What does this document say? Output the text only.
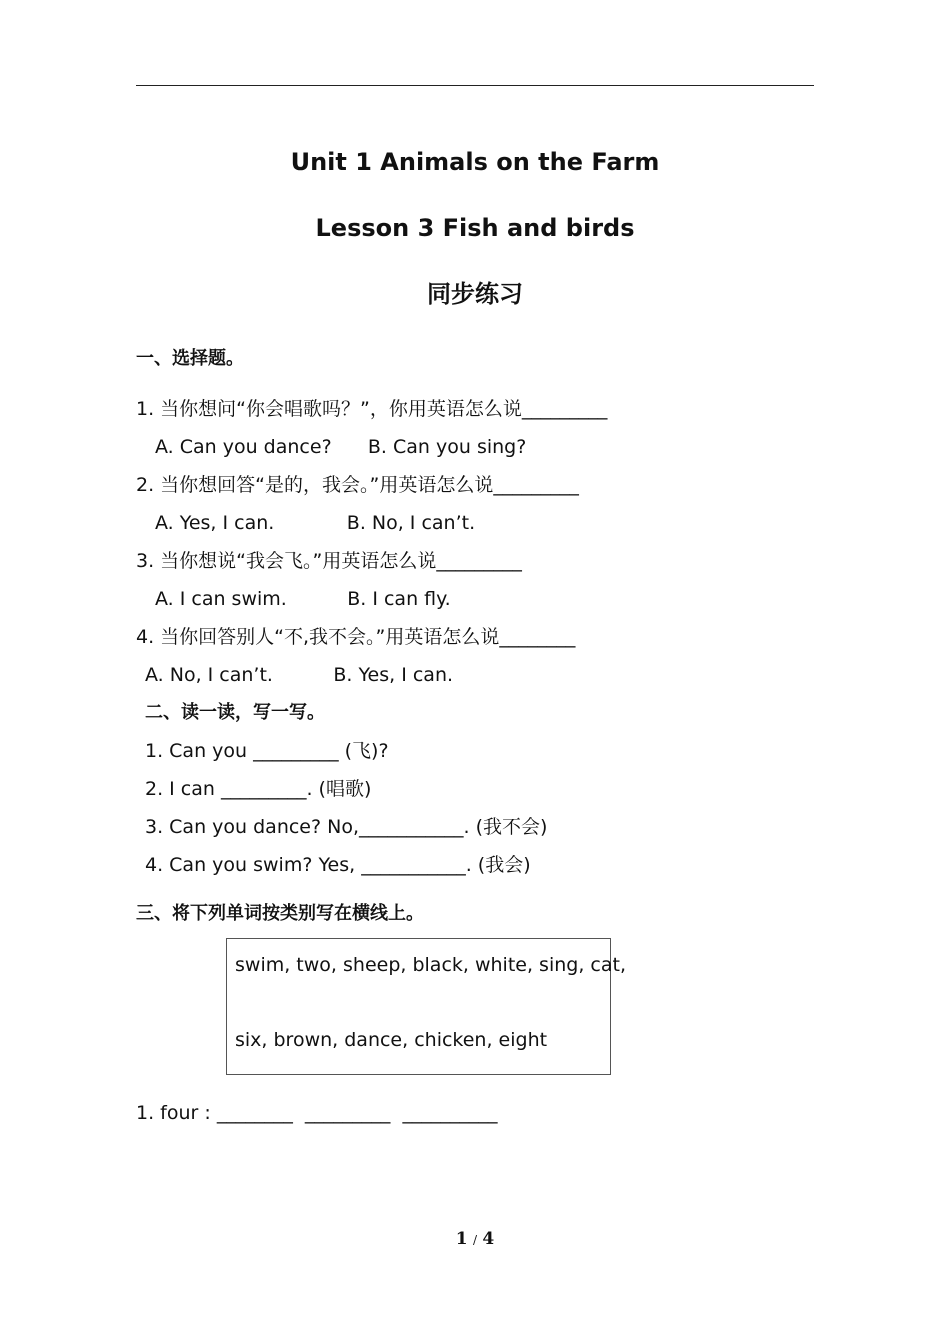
Unit 1 Animals on the Farm
Lesson 3 Fish and birds
同步练习
一、选择题。
1. 当你想问“你会唱歌吗？”，你用英语怎么说_________
A. Can you dance?      B. Can you sing?
2. 当你想回答“是的，我会。”用英语怎么说_________
A. Yes, I can.            B. No, I can’t.
3. 当你想说“我会飞。”用英语怎么说_________
A. I can swim.          B. I can fly.
4. 当你回答别人“不,我不会。”用英语怎么说________
A. No, I can’t.          B. Yes, I can.
二、读一读，写一写。
1. Can you _________ (飞)?
2. I can _________. (唱歌)
3. Can you dance? No,___________. (我不会)
4. Can you swim? Yes, ___________. (我会)
三、将下列单词按类别写在横线上。
swim, two, sheep, black, white, sing, cat,
six, brown, dance, chicken, eight
1. four : ________  _________  __________
1 / 4
